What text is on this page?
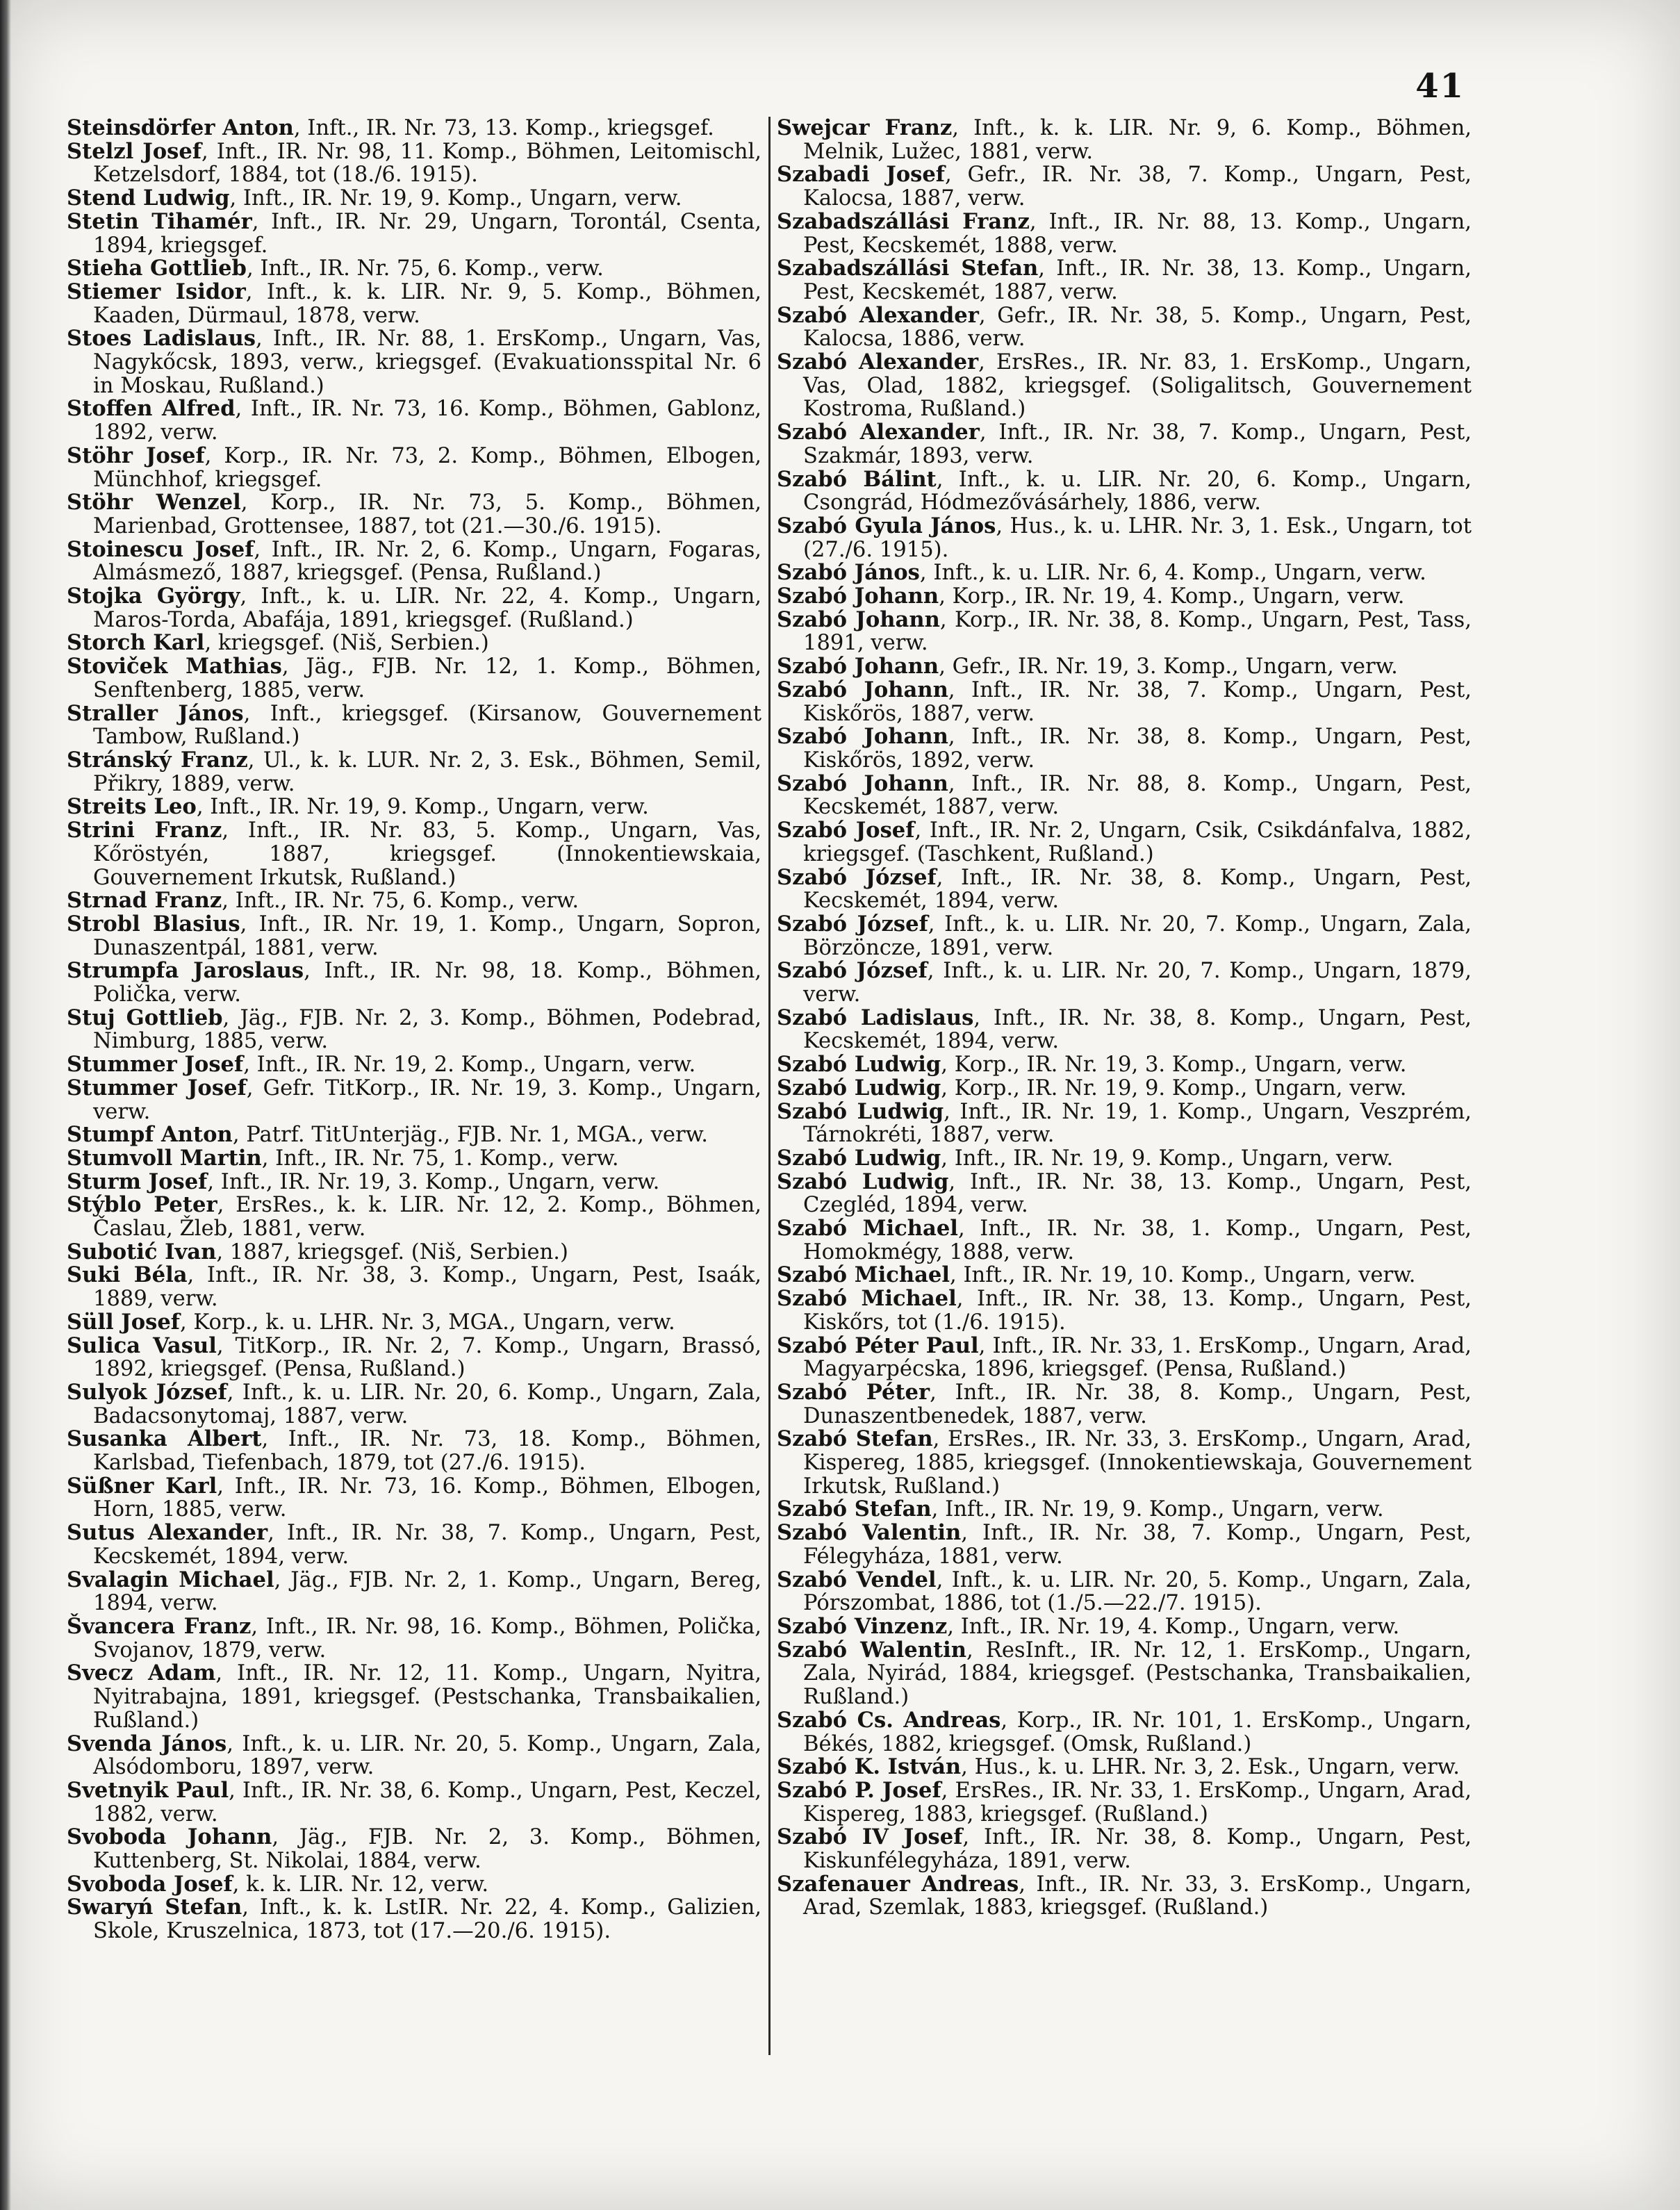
41

Steinsdörfer Anton, Inft., IR. Nr. 73, 13. Komp., kriegsgef.

Stelzl Josef, Inft., IR. Nr. 98, 11. Komp., Böhmen, Leitomischl, Ketzelsdorf, 1884, tot (18./6. 1915).

Stend Ludwig, Inft., IR. Nr. 19, 9. Komp., Ungarn, verw.

Stetin Tihamér, Inft., IR. Nr. 29, Ungarn, Torontál, Csenta, 1894, kriegsgef.

Stieha Gottlieb, Inft., IR. Nr. 75, 6. Komp., verw.

Stiemer Isidor, Inft., k. k. LIR. Nr. 9, 5. Komp., Böhmen, Kaaden, Dürmaul, 1878, verw.

Stoes Ladislaus, Inft., IR. Nr. 88, 1. ErsKomp., Ungarn, Vas, Nagykőcsk, 1893, verw., kriegsgef. (Evakuationsspital Nr. 6 in Moskau, Rußland.)

Stoffen Alfred, Inft., IR. Nr. 73, 16. Komp., Böhmen, Gablonz, 1892, verw.

Stöhr Josef, Korp., IR. Nr. 73, 2. Komp., Böhmen, Elbogen, Münchhof, kriegsgef.

Stöhr Wenzel, Korp., IR. Nr. 73, 5. Komp., Böhmen, Marienbad, Grottensee, 1887, tot (21.—30./6. 1915).

Stoinescu Josef, Inft., IR. Nr. 2, 6. Komp., Ungarn, Fogaras, Almásmező, 1887, kriegsgef. (Pensa, Rußland.)

Stojka György, Inft., k. u. LIR. Nr. 22, 4. Komp., Ungarn, Maros-Torda, Abafája, 1891, kriegsgef. (Rußland.)

Storch Karl, kriegsgef. (Niš, Serbien.)

Stoviček Mathias, Jäg., FJB. Nr. 12, 1. Komp., Böhmen, Senftenberg, 1885, verw.

Straller János, Inft., kriegsgef. (Kirsanow, Gouvernement Tambow, Rußland.)

Stránský Franz, Ul., k. k. LUR. Nr. 2, 3. Esk., Böhmen, Semil, Přikry, 1889, verw.

Streits Leo, Inft., IR. Nr. 19, 9. Komp., Ungarn, verw.

Strini Franz, Inft., IR. Nr. 83, 5. Komp., Ungarn, Vas, Kőröstyén, 1887, kriegsgef. (Innokentiewskaia, Gouvernement Irkutsk, Rußland.)

Strnad Franz, Inft., IR. Nr. 75, 6. Komp., verw.

Strobl Blasius, Inft., IR. Nr. 19, 1. Komp., Ungarn, Sopron, Dunaszentpál, 1881, verw.

Strumpfa Jaroslaus, Inft., IR. Nr. 98, 18. Komp., Böhmen, Polička, verw.

Stuj Gottlieb, Jäg., FJB. Nr. 2, 3. Komp., Böhmen, Podebrad, Nimburg, 1885, verw.

Stummer Josef, Inft., IR. Nr. 19, 2. Komp., Ungarn, verw.

Stummer Josef, Gefr. TitKorp., IR. Nr. 19, 3. Komp., Ungarn, verw.

Stumpf Anton, Patrf. TitUnterjäg., FJB. Nr. 1, MGA., verw.

Stumvoll Martin, Inft., IR. Nr. 75, 1. Komp., verw.

Sturm Josef, Inft., IR. Nr. 19, 3. Komp., Ungarn, verw.

Stýblo Peter, ErsRes., k. k. LIR. Nr. 12, 2. Komp., Böhmen, Časlau, Žleb, 1881, verw.

Subotić Ivan, 1887, kriegsgef. (Niš, Serbien.)

Suki Béla, Inft., IR. Nr. 38, 3. Komp., Ungarn, Pest, Isaák, 1889, verw.

Süll Josef, Korp., k. u. LHR. Nr. 3, MGA., Ungarn, verw.

Sulica Vasul, TitKorp., IR. Nr. 2, 7. Komp., Ungarn, Brassó, 1892, kriegsgef. (Pensa, Rußland.)

Sulyok József, Inft., k. u. LIR. Nr. 20, 6. Komp., Ungarn, Zala, Badacsonytomaj, 1887, verw.

Susanka Albert, Inft., IR. Nr. 73, 18. Komp., Böhmen, Karlsbad, Tiefenbach, 1879, tot (27./6. 1915).

Süßner Karl, Inft., IR. Nr. 73, 16. Komp., Böhmen, Elbogen, Horn, 1885, verw.

Sutus Alexander, Inft., IR. Nr. 38, 7. Komp., Ungarn, Pest, Kecskemét, 1894, verw.

Svalagin Michael, Jäg., FJB. Nr. 2, 1. Komp., Ungarn, Bereg, 1894, verw.

Švancera Franz, Inft., IR. Nr. 98, 16. Komp., Böhmen, Polička, Svojanov, 1879, verw.

Svecz Adam, Inft., IR. Nr. 12, 11. Komp., Ungarn, Nyitra, Nyitrabajna, 1891, kriegsgef. (Pestschanka, Transbaikalien, Rußland.)

Svenda János, Inft., k. u. LIR. Nr. 20, 5. Komp., Ungarn, Zala, Alsódomboru, 1897, verw.

Svetnyik Paul, Inft., IR. Nr. 38, 6. Komp., Ungarn, Pest, Keczel, 1882, verw.

Svoboda Johann, Jäg., FJB. Nr. 2, 3. Komp., Böhmen, Kuttenberg, St. Nikolai, 1884, verw.

Svoboda Josef, k. k. LIR. Nr. 12, verw.

Swaryń Stefan, Inft., k. k. LstIR. Nr. 22, 4. Komp., Galizien, Skole, Kruszelnica, 1873, tot (17.—20./6. 1915).

Swejcar Franz, Inft., k. k. LIR. Nr. 9, 6. Komp., Böhmen, Melnik, Lužec, 1881, verw.

Szabadi Josef, Gefr., IR. Nr. 38, 7. Komp., Ungarn, Pest, Kalocsa, 1887, verw.

Szabadszállási Franz, Inft., IR. Nr. 88, 13. Komp., Ungarn, Pest, Kecskemét, 1888, verw.

Szabadszállási Stefan, Inft., IR. Nr. 38, 13. Komp., Ungarn, Pest, Kecskemét, 1887, verw.

Szabó Alexander, Gefr., IR. Nr. 38, 5. Komp., Ungarn, Pest, Kalocsa, 1886, verw.

Szabó Alexander, ErsRes., IR. Nr. 83, 1. ErsKomp., Ungarn, Vas, Olad, 1882, kriegsgef. (Soligalitsch, Gouvernement Kostroma, Rußland.)

Szabó Alexander, Inft., IR. Nr. 38, 7. Komp., Ungarn, Pest, Szakmár, 1893, verw.

Szabó Bálint, Inft., k. u. LIR. Nr. 20, 6. Komp., Ungarn, Csongrád, Hódmezővásárhely, 1886, verw.

Szabó Gyula János, Hus., k. u. LHR. Nr. 3, 1. Esk., Ungarn, tot (27./6. 1915).

Szabó János, Inft., k. u. LIR. Nr. 6, 4. Komp., Ungarn, verw.

Szabó Johann, Korp., IR. Nr. 19, 4. Komp., Ungarn, verw.

Szabó Johann, Korp., IR. Nr. 38, 8. Komp., Ungarn, Pest, Tass, 1891, verw.

Szabó Johann, Gefr., IR. Nr. 19, 3. Komp., Ungarn, verw.

Szabó Johann, Inft., IR. Nr. 38, 7. Komp., Ungarn, Pest, Kiskőrös, 1887, verw.

Szabó Johann, Inft., IR. Nr. 38, 8. Komp., Ungarn, Pest, Kiskőrös, 1892, verw.

Szabó Johann, Inft., IR. Nr. 88, 8. Komp., Ungarn, Pest, Kecskemét, 1887, verw.

Szabó Josef, Inft., IR. Nr. 2, Ungarn, Csik, Csikdánfalva, 1882, kriegsgef. (Taschkent, Rußland.)

Szabó József, Inft., IR. Nr. 38, 8. Komp., Ungarn, Pest, Kecskemét, 1894, verw.

Szabó József, Inft., k. u. LIR. Nr. 20, 7. Komp., Ungarn, Zala, Börzöncze, 1891, verw.

Szabó József, Inft., k. u. LIR. Nr. 20, 7. Komp., Ungarn, 1879, verw.

Szabó Ladislaus, Inft., IR. Nr. 38, 8. Komp., Ungarn, Pest, Kecskemét, 1894, verw.

Szabó Ludwig, Korp., IR. Nr. 19, 3. Komp., Ungarn, verw.

Szabó Ludwig, Korp., IR. Nr. 19, 9. Komp., Ungarn, verw.

Szabó Ludwig, Inft., IR. Nr. 19, 1. Komp., Ungarn, Veszprém, Tárnokréti, 1887, verw.

Szabó Ludwig, Inft., IR. Nr. 19, 9. Komp., Ungarn, verw.

Szabó Ludwig, Inft., IR. Nr. 38, 13. Komp., Ungarn, Pest, Czegléd, 1894, verw.

Szabó Michael, Inft., IR. Nr. 38, 1. Komp., Ungarn, Pest, Homokmégy, 1888, verw.

Szabó Michael, Inft., IR. Nr. 19, 10. Komp., Ungarn, verw.

Szabó Michael, Inft., IR. Nr. 38, 13. Komp., Ungarn, Pest, Kiskőrs, tot (1./6. 1915).

Szabó Péter Paul, Inft., IR. Nr. 33, 1. ErsKomp., Ungarn, Arad, Magyarpécska, 1896, kriegsgef. (Pensa, Rußland.)

Szabó Péter, Inft., IR. Nr. 38, 8. Komp., Ungarn, Pest, Dunaszentbenedek, 1887, verw.

Szabó Stefan, ErsRes., IR. Nr. 33, 3. ErsKomp., Ungarn, Arad, Kispereg, 1885, kriegsgef. (Innokentiewskaja, Gouvernement Irkutsk, Rußland.)

Szabó Stefan, Inft., IR. Nr. 19, 9. Komp., Ungarn, verw.

Szabó Valentin, Inft., IR. Nr. 38, 7. Komp., Ungarn, Pest, Félegyháza, 1881, verw.

Szabó Vendel, Inft., k. u. LIR. Nr. 20, 5. Komp., Ungarn, Zala, Pórszombat, 1886, tot (1./5.—22./7. 1915).

Szabó Vinzenz, Inft., IR. Nr. 19, 4. Komp., Ungarn, verw.

Szabó Walentin, ResInft., IR. Nr. 12, 1. ErsKomp., Ungarn, Zala, Nyirád, 1884, kriegsgef. (Pestschanka, Transbaikalien, Rußland.)

Szabó Cs. Andreas, Korp., IR. Nr. 101, 1. ErsKomp., Ungarn, Békés, 1882, kriegsgef. (Omsk, Rußland.)

Szabó K. István, Hus., k. u. LHR. Nr. 3, 2. Esk., Ungarn, verw.

Szabó P. Josef, ErsRes., IR. Nr. 33, 1. ErsKomp., Ungarn, Arad, Kispereg, 1883, kriegsgef. (Rußland.)

Szabó IV Josef, Inft., IR. Nr. 38, 8. Komp., Ungarn, Pest, Kiskunfélegyháza, 1891, verw.

Szafenauer Andreas, Inft., IR. Nr. 33, 3. ErsKomp., Ungarn, Arad, Szemlak, 1883, kriegsgef. (Rußland.)
